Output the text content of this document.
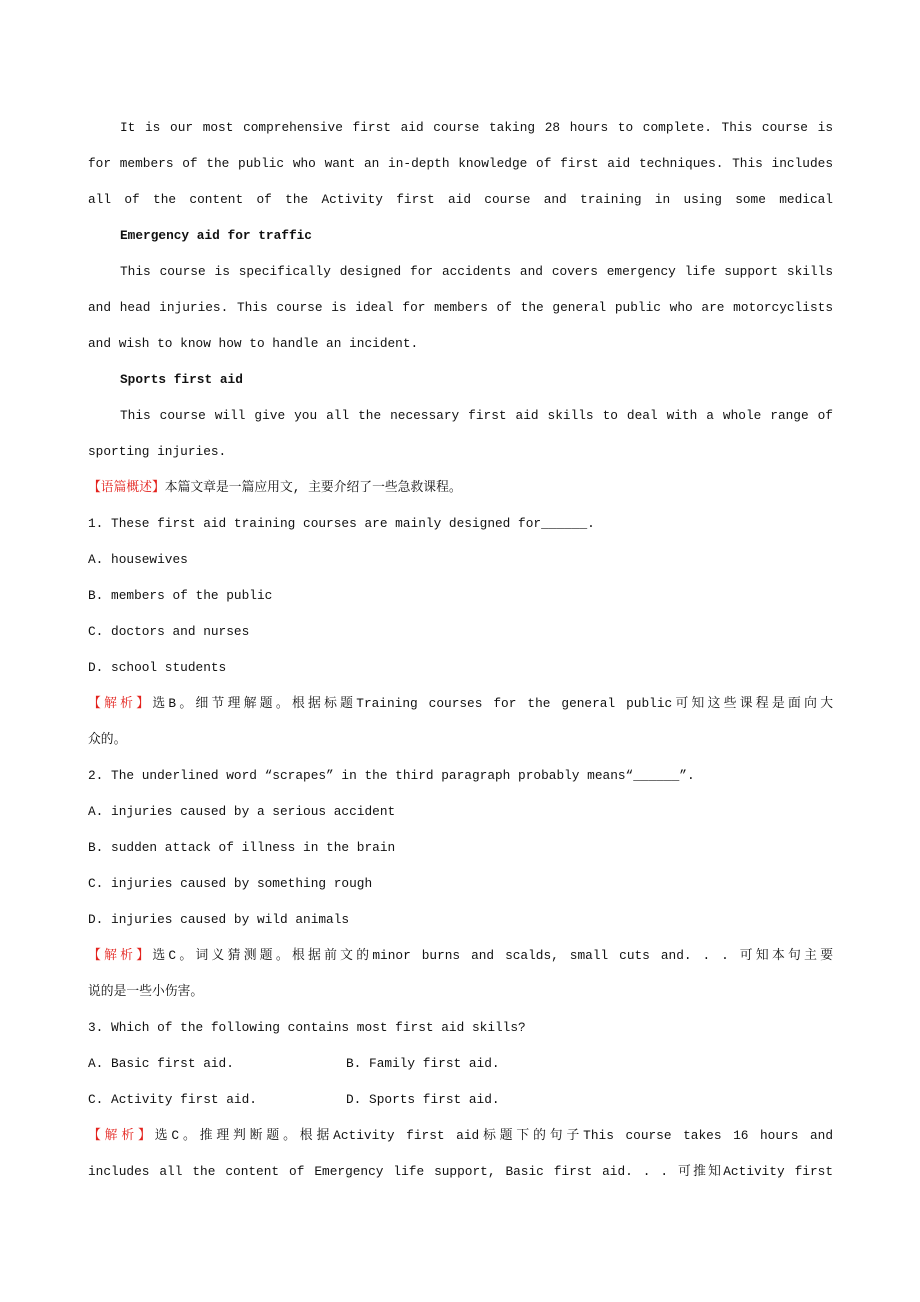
It is our most comprehensive first aid course taking 28 hours to complete. This course is
for members of the public who want an in-depth knowledge of first aid techniques. This includes
all of the content of the Activity first aid course and training in using some medical
Emergency aid for traffic
This course is specifically designed for accidents and covers emergency life support skills
and head injuries. This course is ideal for members of the general public who are motorcyclists
and wish to know how to handle an incident.
Sports first aid
This course will give you all the necessary first aid skills to deal with a whole range of
sporting injuries.
【语篇概述】本篇文章是一篇应用文, 主要介绍了一些急救课程。
1. These first aid training courses are mainly designed for______.
A. housewives
B. members of the public
C. doctors and nurses
D. school students
【解析】选B。细节理解题。根据标题Training courses for the general public可知这些课程是面向大
众的。
2. The underlined word “scrapes” in the third paragraph probably means“______”.
A. injuries caused by a serious accident
B. sudden attack of illness in the brain
C. injuries caused by something rough
D. injuries caused by wild animals
【解析】选C。词义猜测题。根据前文的minor burns and scalds, small cuts and. . . 可知本句主要
说的是一些小伤害。
3. Which of the following contains most first aid skills?
A. Basic first aid.	B. Family first aid.
C. Activity first aid.	D. Sports first aid.
【解析】选C。推理判断题。根据Activity first aid标题下的句子This course takes 16 hours and
includes all the content of Emergency life support, Basic first aid. . . 可推知Activity first
